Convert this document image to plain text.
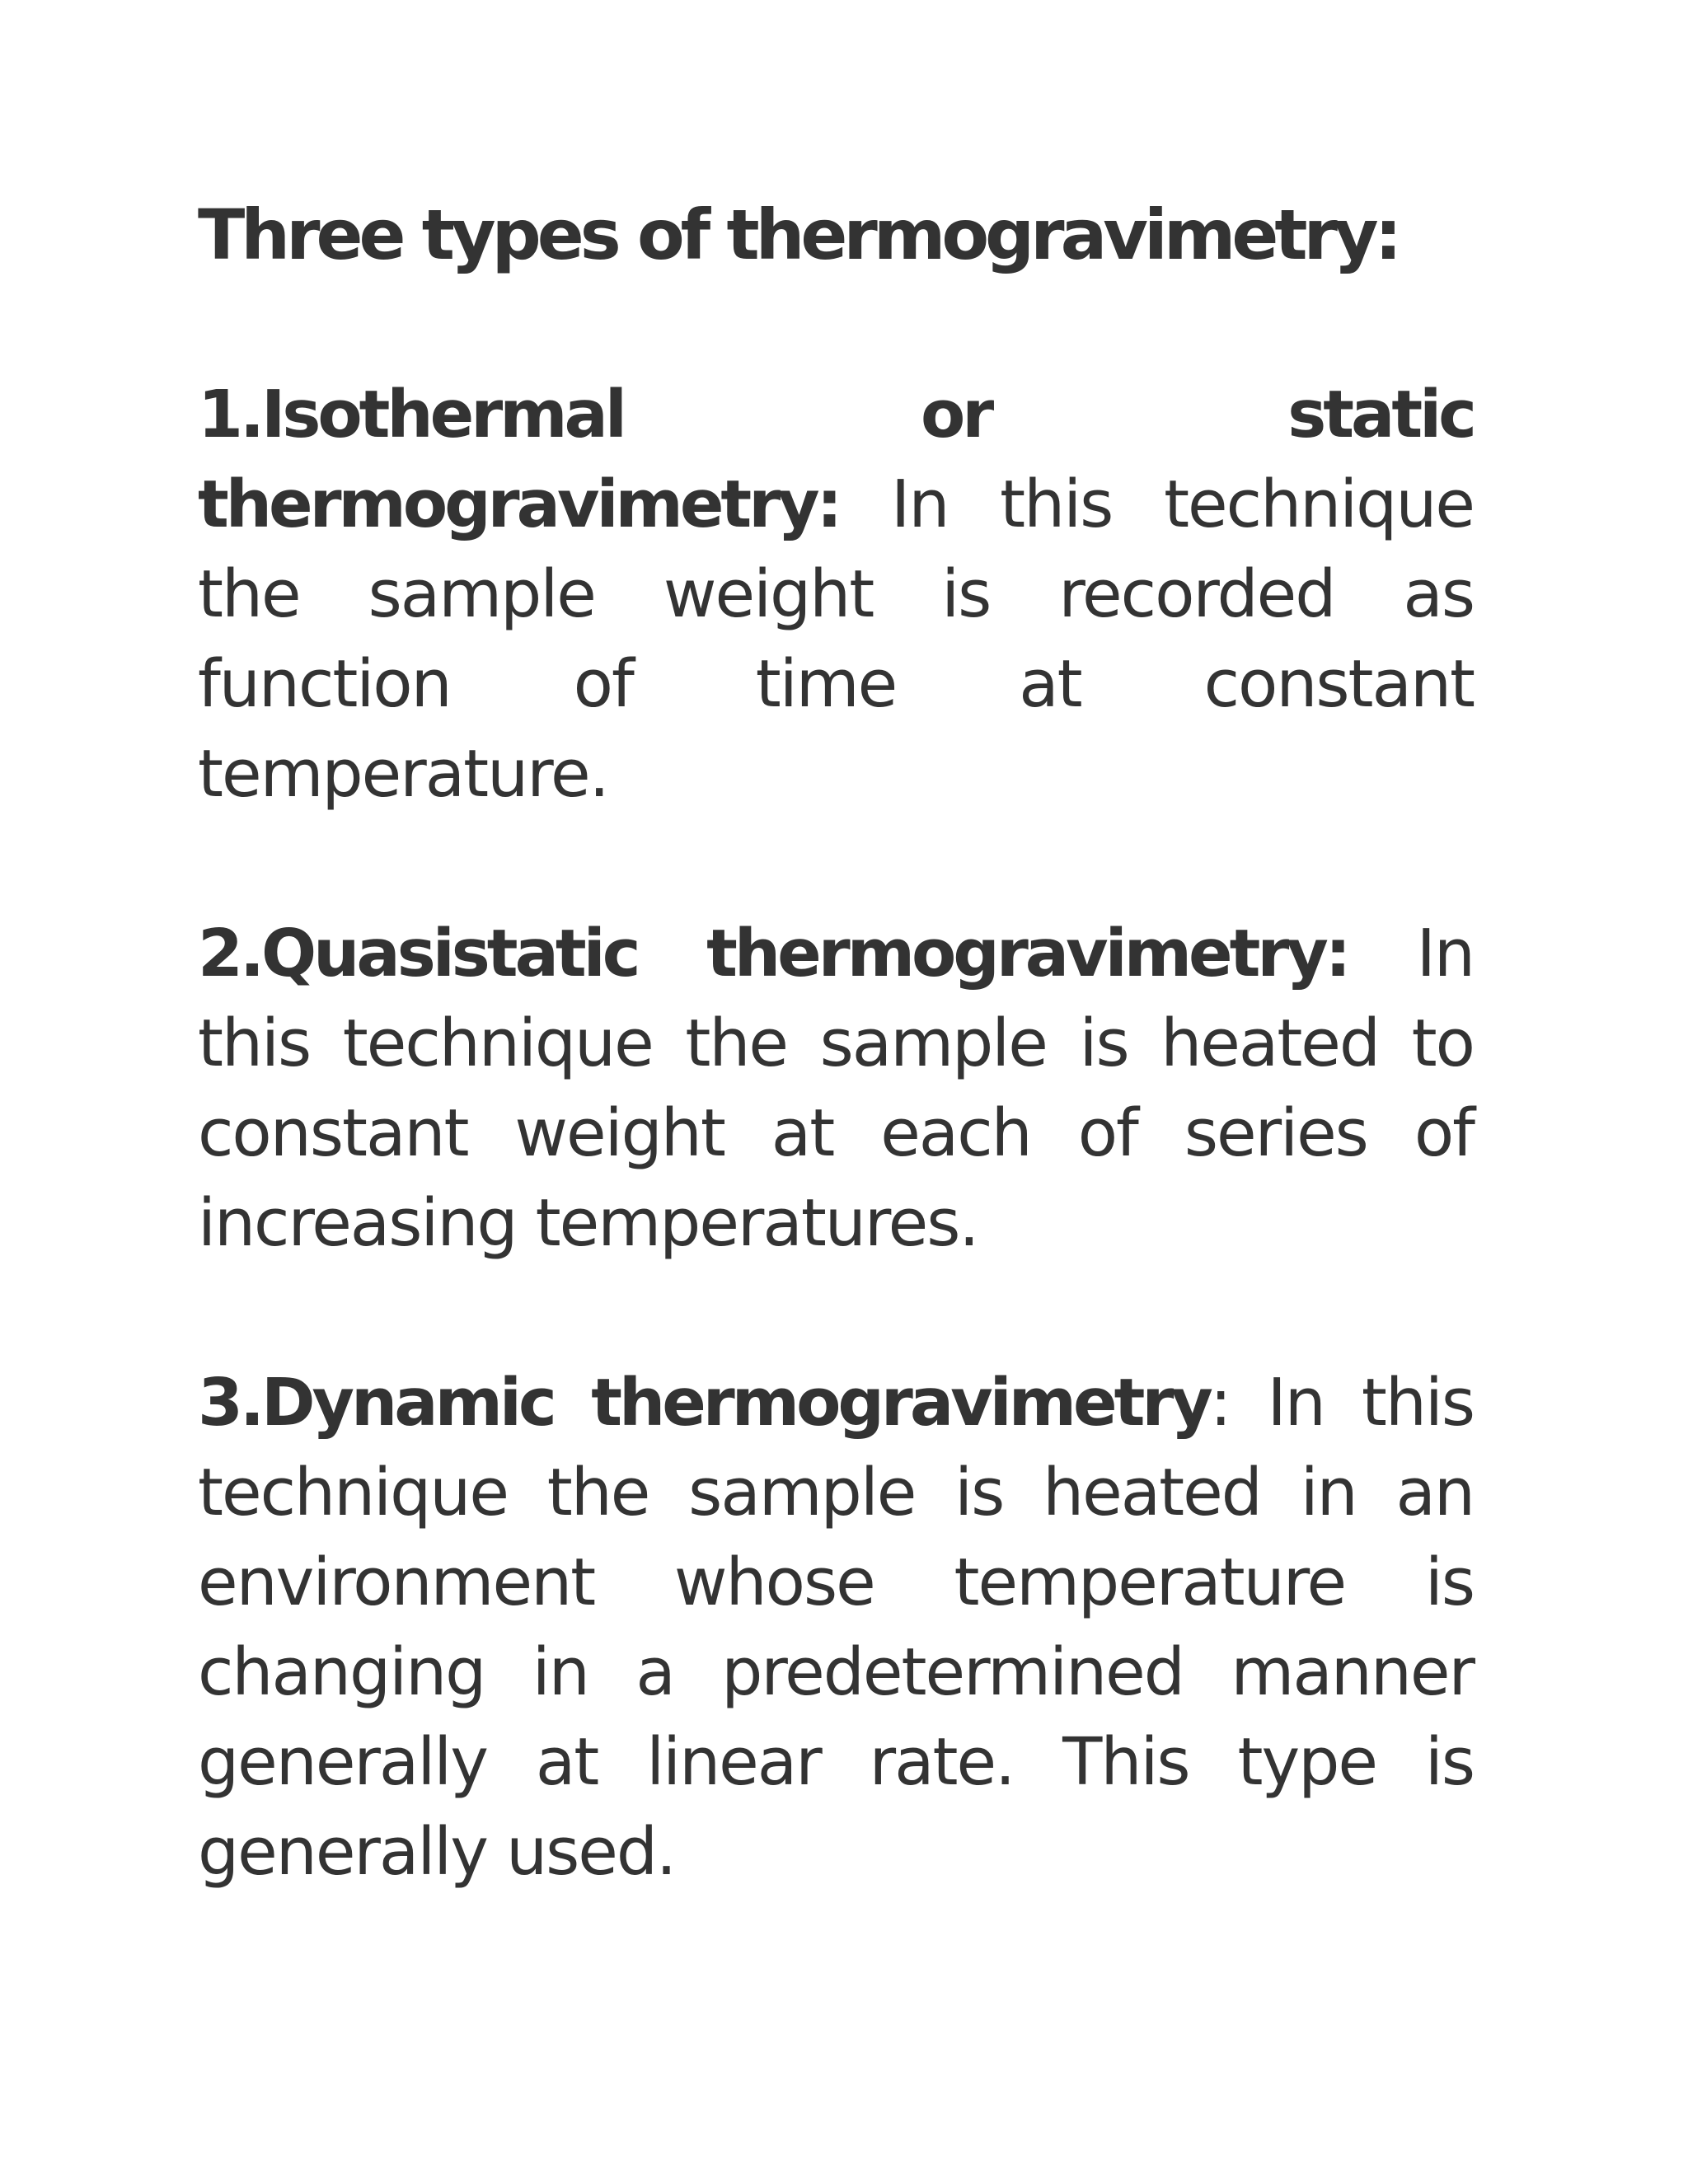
Three types of thermogravimetry:

1.Isothermal or static thermogravimetry: In this technique the sample weight is recorded as function of time at constant temperature.

2.Quasistatic thermogravimetry: In this technique the sample is heated to constant weight at each of series of increasing temperatures.

3.Dynamic thermogravimetry: In this technique the sample is heated in an environment whose temperature is changing in a predetermined manner generally at linear rate. This type is generally used.
